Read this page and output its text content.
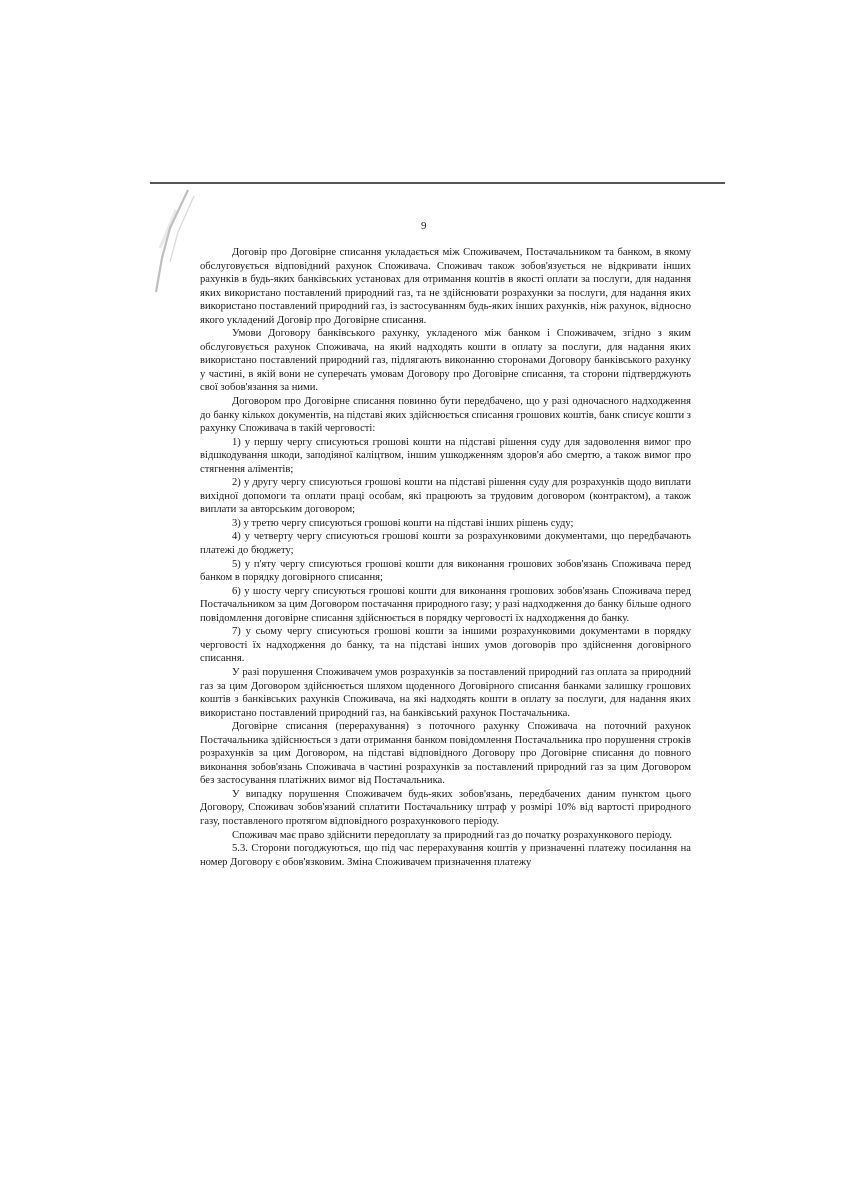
9

Договір про Договірне списання укладається між Споживачем, Постачальником та банком, в якому обслуговується відповідний рахунок Споживача. Споживач також зобов'язується не відкривати інших рахунків в будь-яких банківських установах для отримання коштів в якості оплати за послуги, для надання яких використано поставлений природний газ, та не здійснювати розрахунки за послуги, для надання яких використано поставлений природний газ, із застосуванням будь-яких інших рахунків, ніж рахунок, відносно якого укладений Договір про Договірне списання.

Умови Договору банківського рахунку, укладеного між банком і Споживачем, згідно з яким обслуговується рахунок Споживача, на який надходять кошти в оплату за послуги, для надання яких використано поставлений природний газ, підлягають виконанню сторонами Договору банківського рахунку у частині, в якій вони не суперечать умовам Договору про Договірне списання, та сторони підтверджують свої зобов'язання за ними.

Договором про Договірне списання повинно бути передбачено, що у разі одночасного надходження до банку кількох документів, на підставі яких здійснюється списання грошових коштів, банк списує кошти з рахунку Споживача в такій черговості:

1) у першу чергу списуються грошові кошти на підставі рішення суду для задоволення вимог про відшкодування шкоди, заподіяної каліцтвом, іншим ушкодженням здоров'я або смертю, а також вимог про стягнення аліментів;

2) у другу чергу списуються грошові кошти на підставі рішення суду для розрахунків щодо виплати вихідної допомоги та оплати праці особам, які працюють за трудовим договором (контрактом), а також виплати за авторським договором;

3) у третю чергу списуються грошові кошти на підставі інших рішень суду;

4) у четверту чергу списуються грошові кошти за розрахунковими документами, що передбачають платежі до бюджету;

5) у п'яту чергу списуються грошові кошти для виконання грошових зобов'язань Споживача перед банком в порядку договірного списання;

6) у шосту чергу списуються грошові кошти для виконання грошових зобов'язань Споживача перед Постачальником за цим Договором постачання природного газу; у разі надходження до банку більше одного повідомлення договірне списання здійснюється в порядку черговості їх надходження до банку.

7) у сьому чергу списуються грошові кошти за іншими розрахунковими документами в порядку черговості їх надходження до банку, та на підставі інших умов договорів про здійснення договірного списання.

У разі порушення Споживачем умов розрахунків за поставлений природний газ оплата за природний газ за цим Договором здійснюється шляхом щоденного Договірного списання банками залишку грошових коштів з банківських рахунків Споживача, на які надходять кошти в оплату за послуги, для надання яких використано поставлений природний газ, на банківський рахунок Постачальника.

Договірне списання (перерахування) з поточного рахунку Споживача на поточний рахунок Постачальника здійснюється з дати отримання банком повідомлення Постачальника про порушення строків розрахунків за цим Договором, на підставі відповідного Договору про Договірне списання до повного виконання зобов'язань Споживача в частині розрахунків за поставлений природний газ за цим Договором без застосування платіжних вимог від Постачальника.

У випадку порушення Споживачем будь-яких зобов'язань, передбачених даним пунктом цього Договору, Споживач зобов'язаний сплатити Постачальнику штраф у розмірі 10% від вартості природного газу, поставленого протягом відповідного розрахункового періоду.

Споживач має право здійснити передоплату за природний газ до початку розрахункового періоду.

5.3. Сторони погоджуються, що під час перерахування коштів у призначенні платежу посилання на номер Договору є обов'язковим. Зміна Споживачем призначення платежу
